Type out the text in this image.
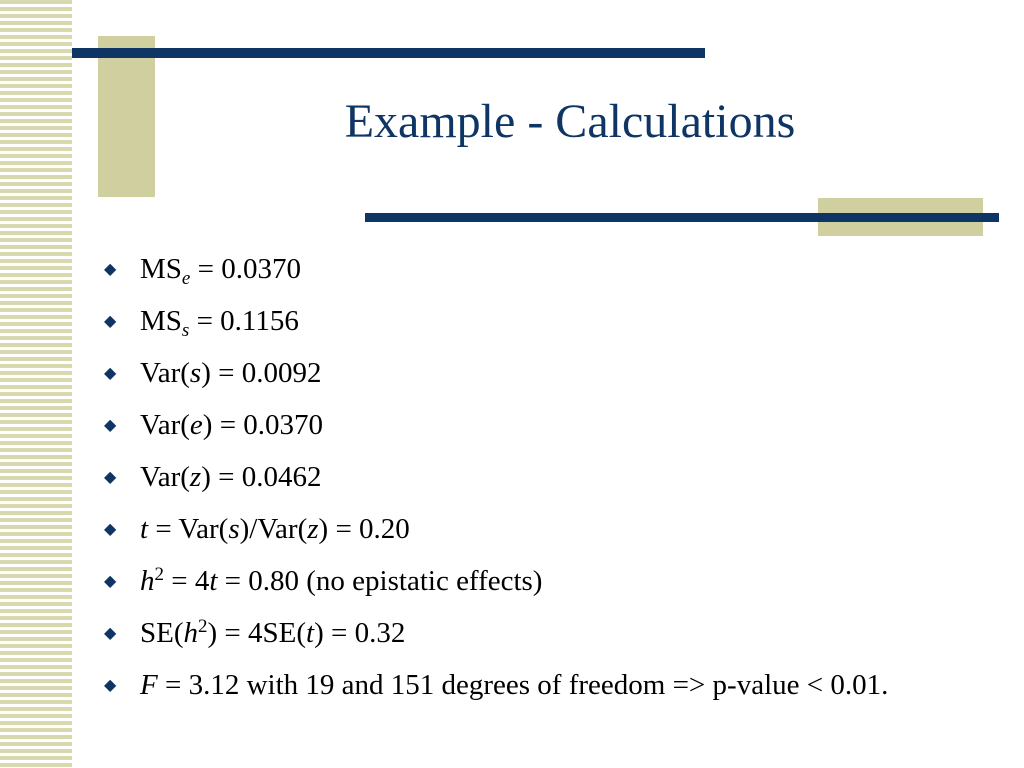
Example - Calculations
◆ $MS_e = 0.0370$
◆ $MS_s = 0.1156$
◆ Var(s) = 0.0092
◆ Var(e) = 0.0370
◆ Var(z) = 0.0462
◆ t = Var(s)/Var(z) = 0.20
◆ $h^2 = 4t = 0.80$ (no epistatic effects)
◆ $SE(h^2) = 4SE(t) = 0.32$
◆ F = 3.12 with 19 and 151 degrees of freedom => p-value < 0.01.
